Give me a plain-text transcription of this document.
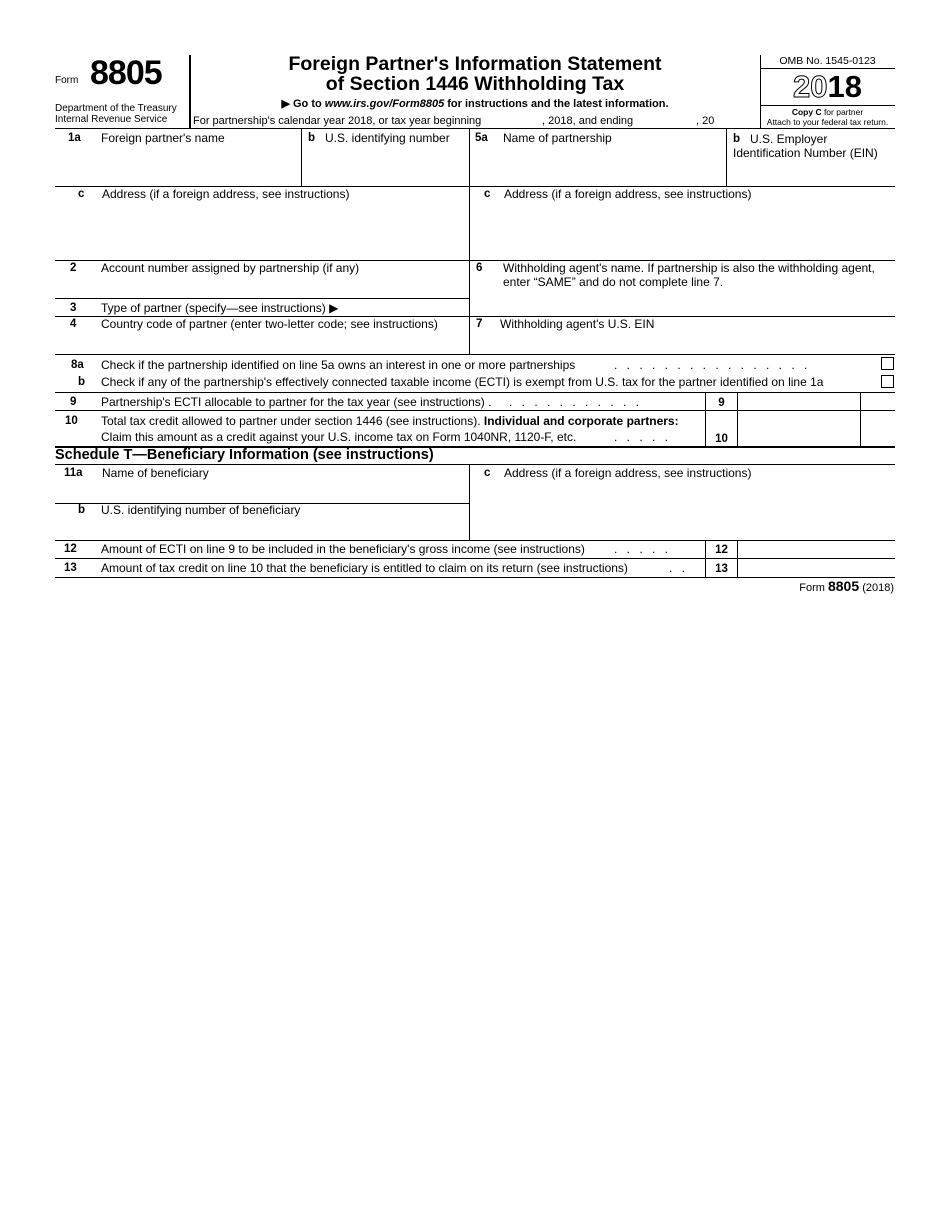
Form 8805
Department of the Treasury
Internal Revenue Service
Foreign Partner's Information Statement
of Section 1446 Withholding Tax
▶ Go to www.irs.gov/Form8805 for instructions and the latest information.
For partnership's calendar year 2018, or tax year beginning	, 2018, and ending	, 20
OMB No. 1545-0123
2018
Copy C for partner
Attach to your federal tax return.
1a Foreign partner's name	b U.S. identifying number 5a Name of partnership	b U.S. Employer
Identification Number (EIN)
c Address (if a foreign address, see instructions)	c Address (if a foreign address, see instructions)
2 Account number assigned by partnership (if any)	6 Withholding agent's name. If partnership is also the withholding agent,
enter “SAME” and do not complete line 7.
3 Type of partner (specify—see instructions) ▶
4 Country code of partner (enter two-letter code; see instructions)	7 Withholding agent's U.S. EIN
8a Check if the partnership identified on line 5a owns an interest in one or more partnerships	. . . . . . . . . . . . . . . .
b Check if any of the partnership's effectively connected taxable income (ECTI) is exempt from U.S. tax for the partner identified on line 1a
9 Partnership's ECTI allocable to partner for the tax year (see instructions) . . . . . . . . . . . .	9
10 Total tax credit allowed to partner under section 1446 (see instructions). Individual and corporate partners:
Claim this amount as a credit against your U.S. income tax on Form 1040NR, 1120-F, etc.	. . . . .	10
Schedule T—Beneficiary Information (see instructions)
11a Name of beneficiary	c Address (if a foreign address, see instructions)
b U.S. identifying number of beneficiary
12 Amount of ECTI on line 9 to be included in the beneficiary's gross income (see instructions) . . . . .	12
13 Amount of tax credit on line 10 that the beneficiary is entitled to claim on its return (see instructions)	. .	13
Form 8805 (2018)
